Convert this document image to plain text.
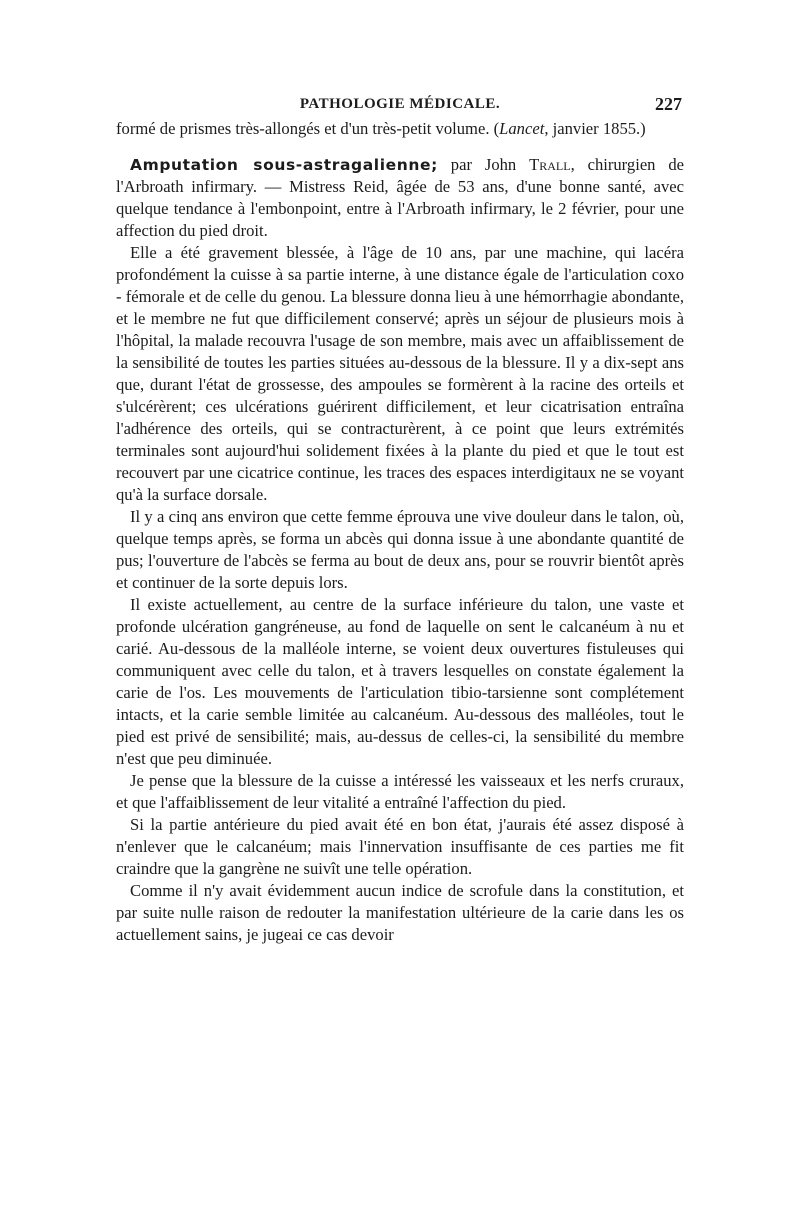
PATHOLOGIE MÉDICALE.	227

formé de prismes très-allongés et d'un très-petit volume. (Lancet, janvier 1855.)

Amputation sous-astragalienne; par John Trall, chirurgien de l'Arbroath infirmary. — Mistress Reid, âgée de 53 ans, d'une bonne santé, avec quelque tendance à l'embonpoint, entre à l'Arbroath infirmary, le 2 février, pour une affection du pied droit.

Elle a été gravement blessée, à l'âge de 10 ans, par une machine, qui lacéra profondément la cuisse à sa partie interne, à une distance égale de l'articulation coxo - fémorale et de celle du genou. La blessure donna lieu à une hémorrhagie abondante, et le membre ne fut que difficilement conservé; après un séjour de plusieurs mois à l'hôpital, la malade recouvra l'usage de son membre, mais avec un affaiblissement de la sensibilité de toutes les parties situées au-dessous de la blessure. Il y a dix-sept ans que, durant l'état de grossesse, des ampoules se formèrent à la racine des orteils et s'ulcérèrent; ces ulcérations guérirent difficilement, et leur cicatrisation entraîna l'adhérence des orteils, qui se contracturèrent, à ce point que leurs extrémités terminales sont aujourd'hui solidement fixées à la plante du pied et que le tout est recouvert par une cicatrice continue, les traces des espaces interdigitaux ne se voyant qu'à la surface dorsale.

Il y a cinq ans environ que cette femme éprouva une vive douleur dans le talon, où, quelque temps après, se forma un abcès qui donna issue à une abondante quantité de pus; l'ouverture de l'abcès se ferma au bout de deux ans, pour se rouvrir bientôt après et continuer de la sorte depuis lors.

Il existe actuellement, au centre de la surface inférieure du talon, une vaste et profonde ulcération gangréneuse, au fond de laquelle on sent le calcanéum à nu et carié. Au-dessous de la malléole interne, se voient deux ouvertures fistuleuses qui communiquent avec celle du talon, et à travers lesquelles on constate également la carie de l'os. Les mouvements de l'articulation tibio-tarsienne sont complétement intacts, et la carie semble limitée au calcanéum. Au-dessous des malléoles, tout le pied est privé de sensibilité; mais, au-dessus de celles-ci, la sensibilité du membre n'est que peu diminuée.

Je pense que la blessure de la cuisse a intéressé les vaisseaux et les nerfs cruraux, et que l'affaiblissement de leur vitalité a entraîné l'affection du pied.

Si la partie antérieure du pied avait été en bon état, j'aurais été assez disposé à n'enlever que le calcanéum; mais l'innervation insuffisante de ces parties me fit craindre que la gangrène ne suivît une telle opération.

Comme il n'y avait évidemment aucun indice de scrofule dans la constitution, et par suite nulle raison de redouter la manifestation ultérieure de la carie dans les os actuellement sains, je jugeai ce cas devoir
